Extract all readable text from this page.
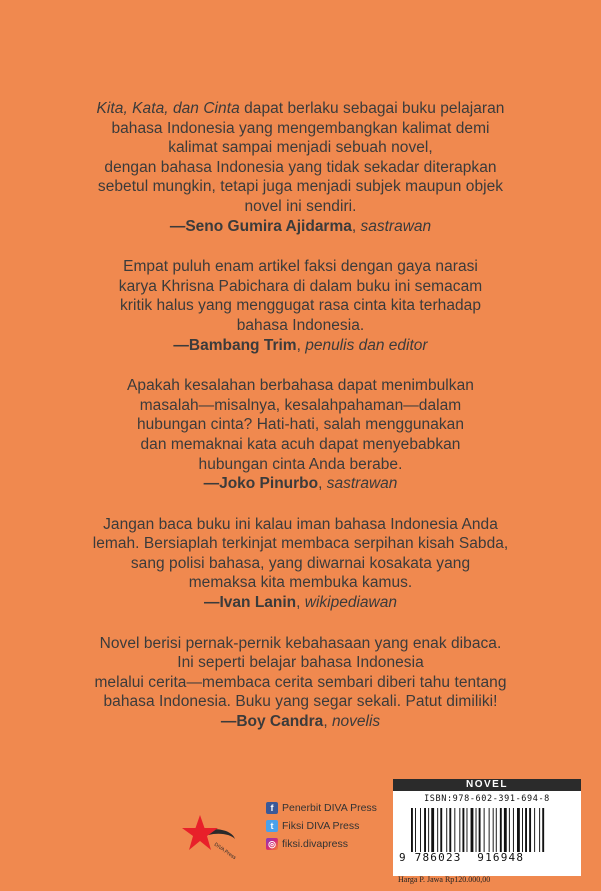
Kita, Kata, dan Cinta dapat berlaku sebagai buku pelajaran
bahasa Indonesia yang mengembangkan kalimat demi
kalimat sampai menjadi sebuah novel,
dengan bahasa Indonesia yang tidak sekadar diterapkan
sebetul mungkin, tetapi juga menjadi subjek maupun objek
novel ini sendiri.
—Seno Gumira Ajidarma, sastrawan
Empat puluh enam artikel faksi dengan gaya narasi
karya Khrisna Pabichara di dalam buku ini semacam
kritik halus yang menggugat rasa cinta kita terhadap
bahasa Indonesia.
—Bambang Trim, penulis dan editor
Apakah kesalahan berbahasa dapat menimbulkan
masalah—misalnya, kesalahpahaman—dalam
hubungan cinta? Hati-hati, salah menggunakan
dan memaknai kata acuh dapat menyebabkan
hubungan cinta Anda berabe.
—Joko Pinurbo, sastrawan
Jangan baca buku ini kalau iman bahasa Indonesia Anda
lemah. Bersiaplah terkinjat membaca serpihan kisah Sabda,
sang polisi bahasa, yang diwarnai kosakata yang
memaksa kita membuka kamus.
—Ivan Lanin, wikipediawan
Novel berisi pernak-pernik kebahasaan yang enak dibaca.
Ini seperti belajar bahasa Indonesia
melalui cerita—membaca cerita sembari diberi tahu tentang
bahasa Indonesia. Buku yang segar sekali. Patut dimiliki!
—Boy Candra, novelis
DIVA Press
f Penerbit DIVA Press
t Fiksi DIVA Press
◎ fiksi.divapress
NOVEL
ISBN:978-602-391-694-8
9 786023 916948
Harga P. Jawa Rp120.000,00
